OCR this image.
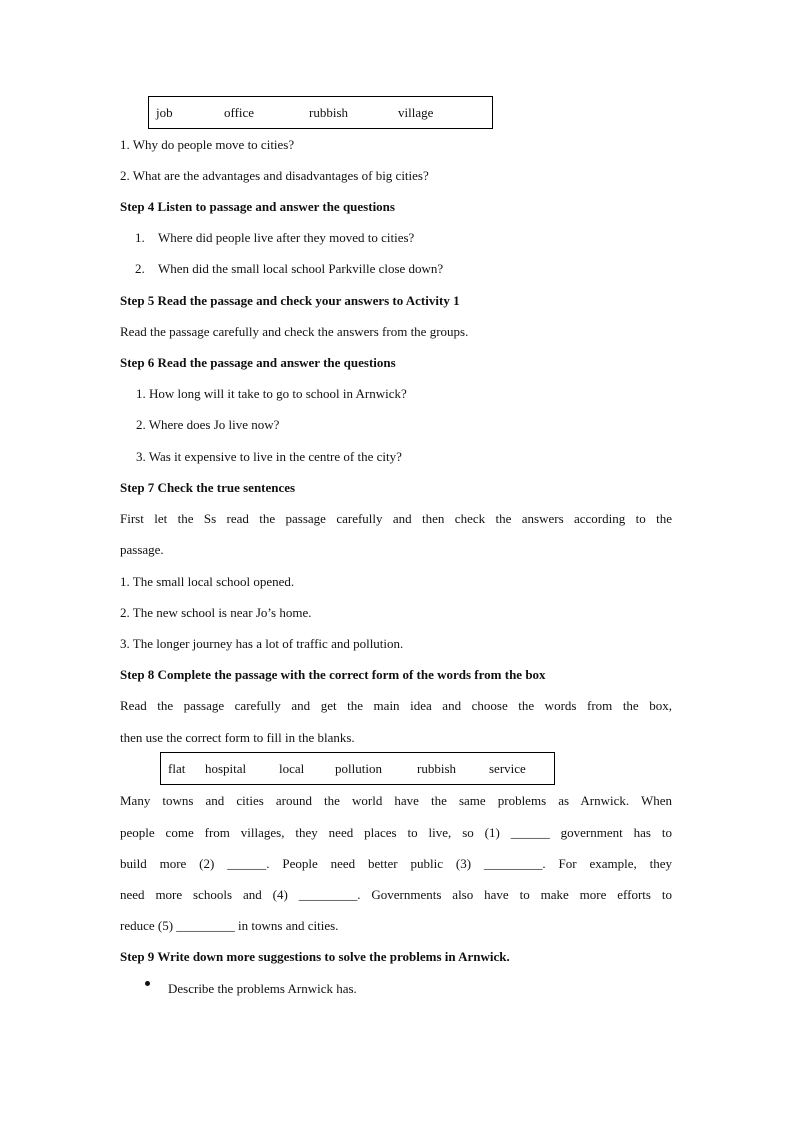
job	office	rubbish	village
1. Why do people move to cities?
2. What are the advantages and disadvantages of big cities?
Step 4 Listen to passage and answer the questions
1. Where did people live after they moved to cities?
2. When did the small local school Parkville close down?
Step 5 Read the passage and check your answers to Activity 1
Read the passage carefully and check the answers from the groups.
Step 6 Read the passage and answer the questions
1. How long will it take to go to school in Arnwick?
2. Where does Jo live now?
3. Was it expensive to live in the centre of the city?
Step 7 Check the true sentences
First let the Ss read the passage carefully and then check the answers according to the
passage.
1. The small local school opened.
2. The new school is near Jo’s home.
3. The longer journey has a lot of traffic and pollution.
Step 8 Complete the passage with the correct form of the words from the box
Read the passage carefully and get the main idea and choose the words from the box,
then use the correct form to fill in the blanks.
flat hospital	local pollution	rubbish	service
Many towns and cities around the world have the same problems as Arnwick. When
people come from villages, they need places to live, so (1) ______ government has to
build more (2) ______. People need better public (3) _________. For example, they
need more schools and (4) _________. Governments also have to make more efforts to
reduce (5) _________ in towns and cities.
Step 9 Write down more suggestions to solve the problems in Arnwick.
Describe the problems Arnwick has.
